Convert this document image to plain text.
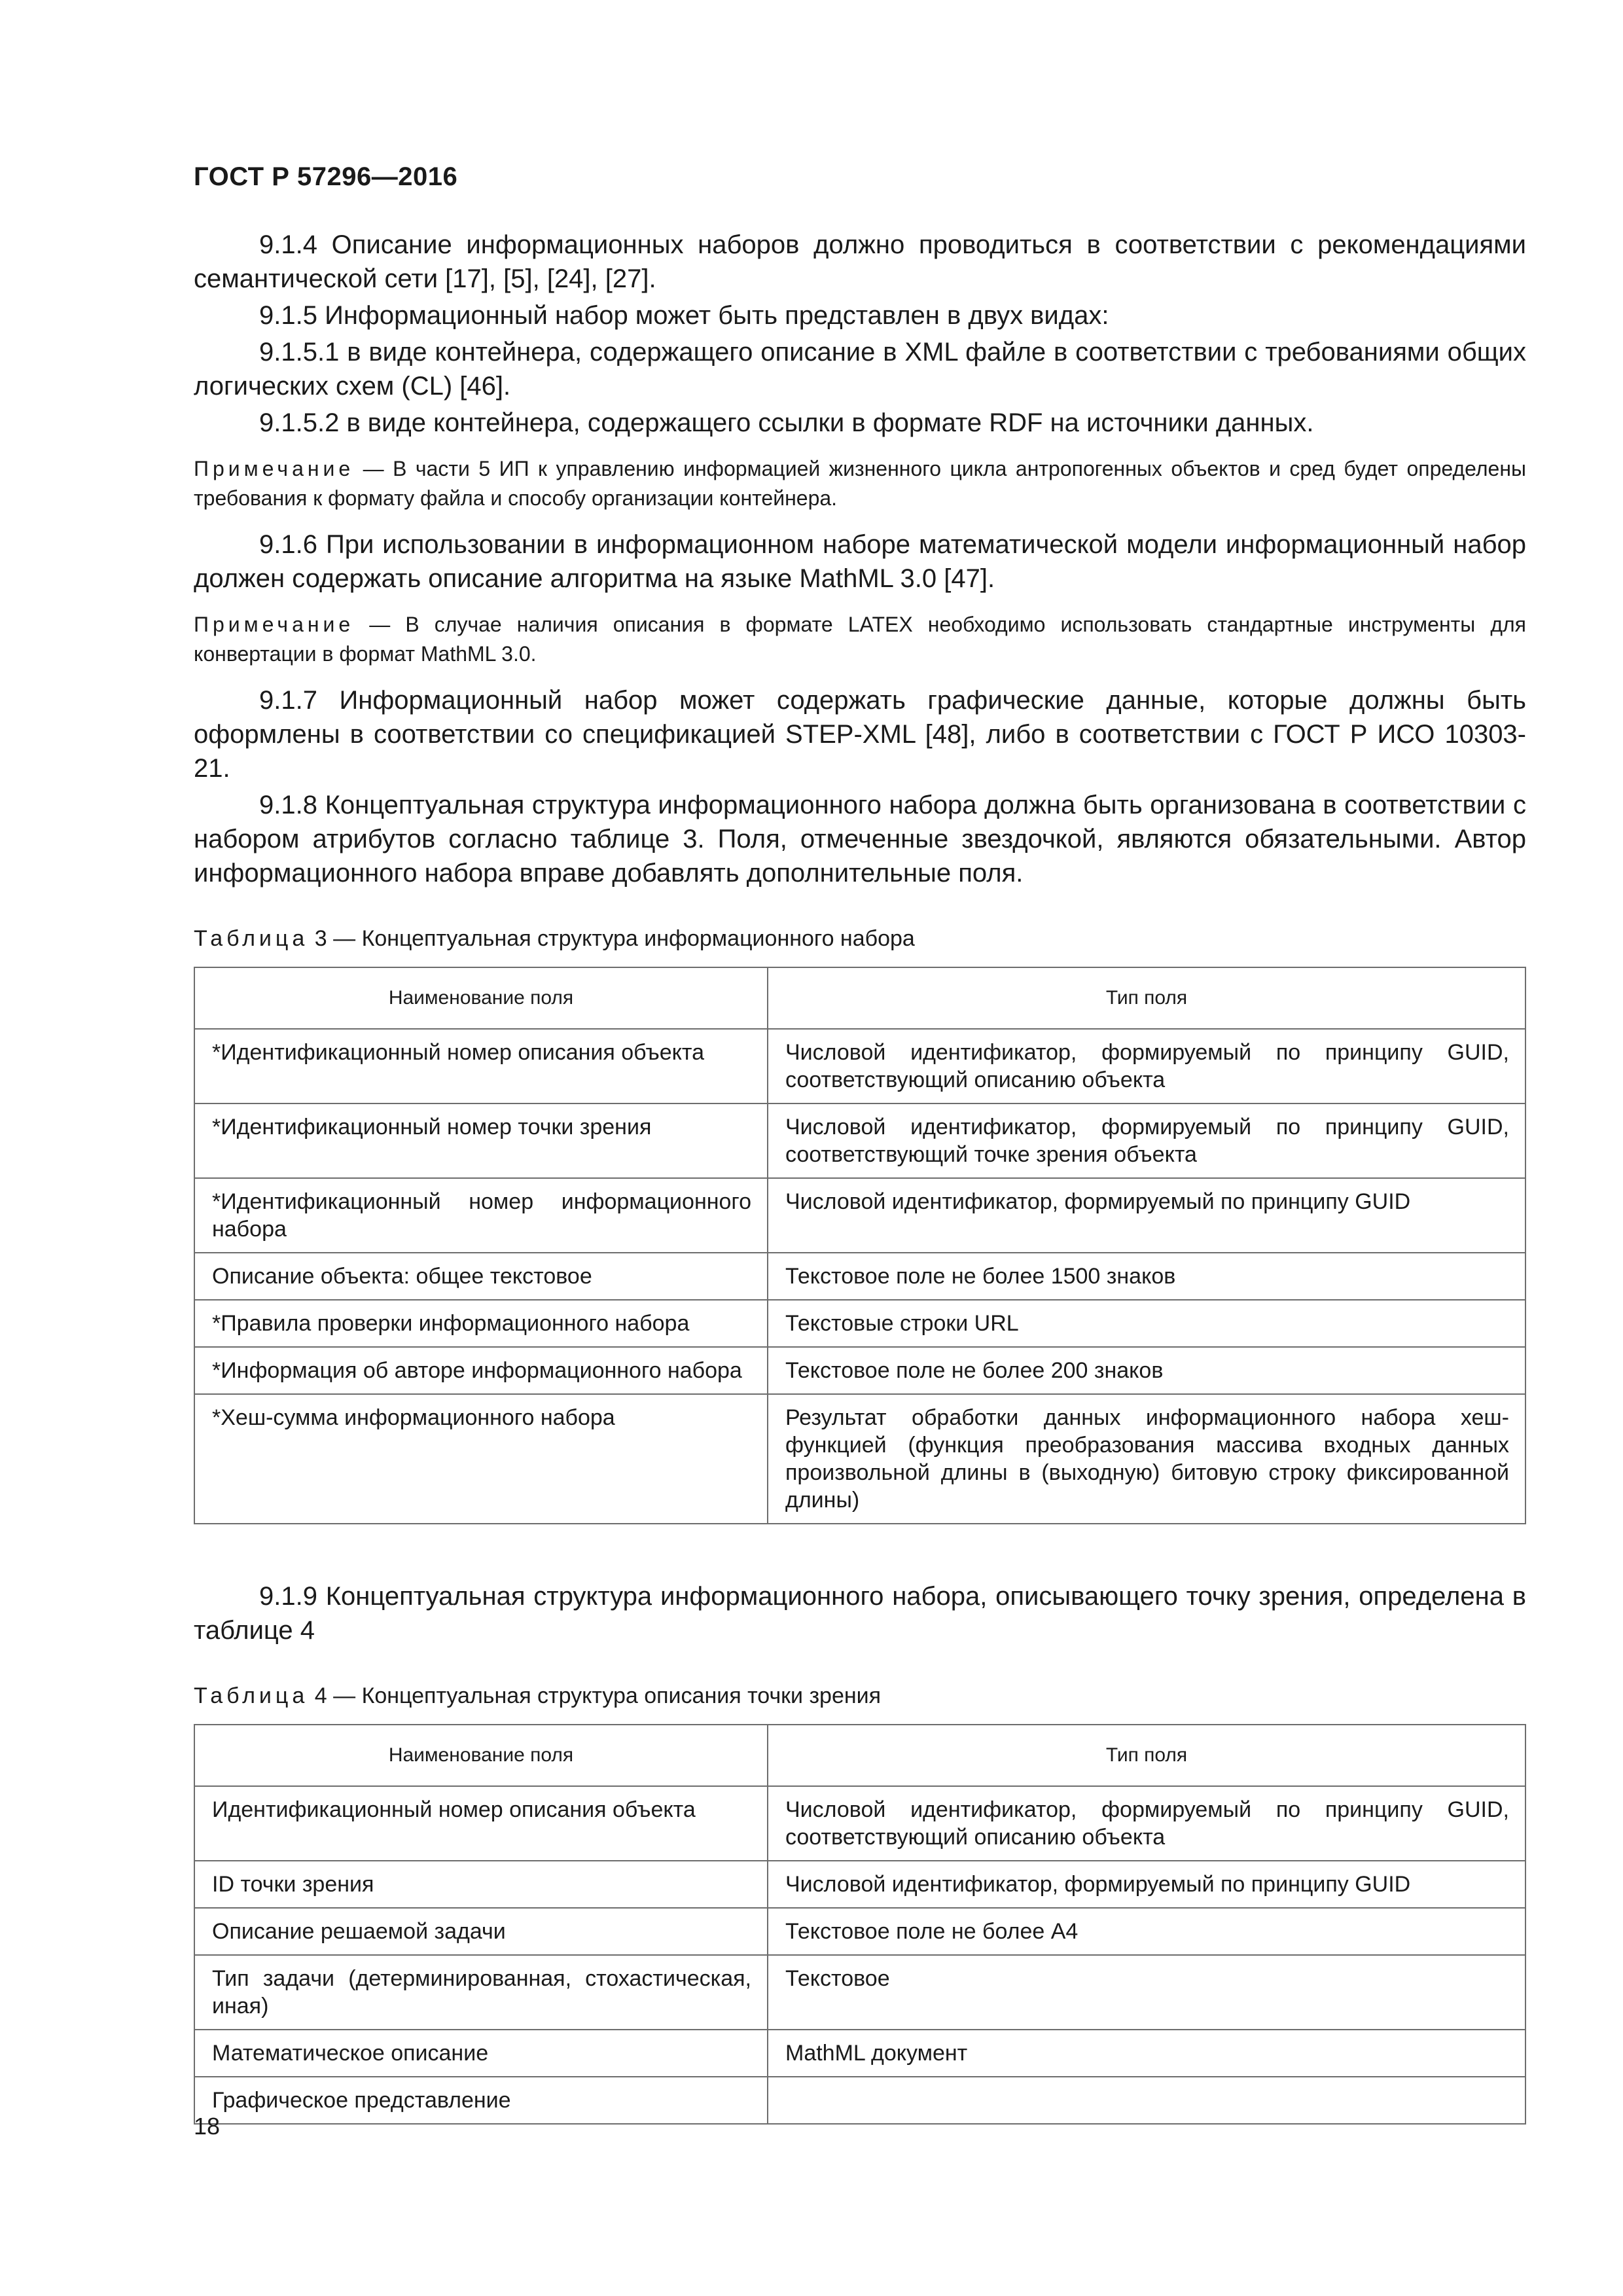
ГОСТ Р 57296—2016

9.1.4 Описание информационных наборов должно проводиться в соответствии с рекомендациями семантической сети [17], [5], [24], [27].

9.1.5 Информационный набор может быть представлен в двух видах:

9.1.5.1 в виде контейнера, содержащего описание в XML файле в соответствии с требованиями общих логических схем (CL) [46].

9.1.5.2 в виде контейнера, содержащего ссылки в формате RDF на источники данных.

Примечание — В части 5 ИП к управлению информацией жизненного цикла антропогенных объектов и сред будет определены требования к формату файла и способу организации контейнера.

9.1.6 При использовании в информационном наборе математической модели информационный набор должен содержать описание алгоритма на языке MathML 3.0 [47].

Примечание — В случае наличия описания в формате LATEX необходимо использовать стандартные инструменты для конвертации в формат MathML 3.0.

9.1.7 Информационный набор может содержать графические данные, которые должны быть оформлены в соответствии со спецификацией STEP-XML [48], либо в соответствии с ГОСТ Р ИСО 10303-21.

9.1.8 Концептуальная структура информационного набора должна быть организована в соответствии с набором атрибутов согласно таблице 3. Поля, отмеченные звездочкой, являются обязательными. Автор информационного набора вправе добавлять дополнительные поля.

Таблица 3 — Концептуальная структура информационного набора
Наименование поля	Тип поля
*Идентификационный номер описания объекта	Числовой идентификатор, формируемый по принципу GUID, соответствующий описанию объекта
*Идентификационный номер точки зрения	Числовой идентификатор, формируемый по принципу GUID, соответствующий точке зрения объекта
*Идентификационный номер информационного набора	Числовой идентификатор, формируемый по принципу GUID
Описание объекта: общее текстовое	Текстовое поле не более 1500 знаков
*Правила проверки информационного набора	Текстовые строки URL
*Информация об авторе информационного набора	Текстовое поле не более 200 знаков
*Хеш-сумма информационного набора	Результат обработки данных информационного набора хеш-функцией (функция преобразования массива входных данных произвольной длины в (выходную) битовую строку фиксированной длины)

9.1.9 Концептуальная структура информационного набора, описывающего точку зрения, определена в таблице 4

Таблица 4 — Концептуальная структура описания точки зрения
Наименование поля	Тип поля
Идентификационный номер описания объекта	Числовой идентификатор, формируемый по принципу GUID, соответствующий описанию объекта
ID точки зрения	Числовой идентификатор, формируемый по принципу GUID
Описание решаемой задачи	Текстовое поле не более А4
Тип задачи (детерминированная, стохастическая, иная)	Текстовое
Математическое описание	MathML документ
Графическое представление	
18
